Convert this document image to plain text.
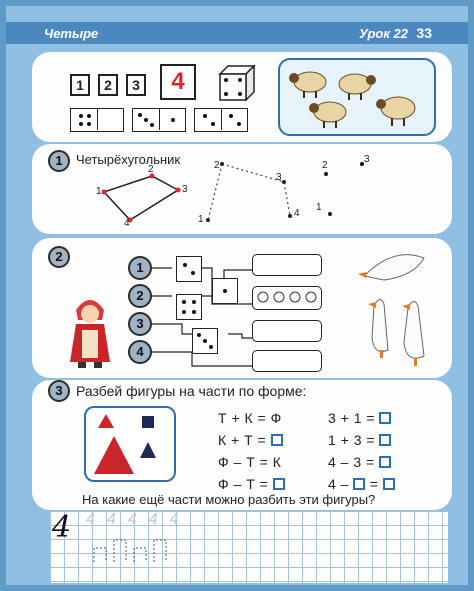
Четыре	Урок 22 33
1	2	3	4
1	Четырёхугольник
1
2
3
4
2
3
4
1
2
3
1
2
1
2
3
4
3 Разбей фигуры на части по форме:
Т + К = Ф
К + Т =
Ф – Т = К
Ф – Т =
3 + 1 =
1 + 3 =
4 – 3 =
4 –  =
На какие ещё части можно разбить эти фигуры?
4 44444
